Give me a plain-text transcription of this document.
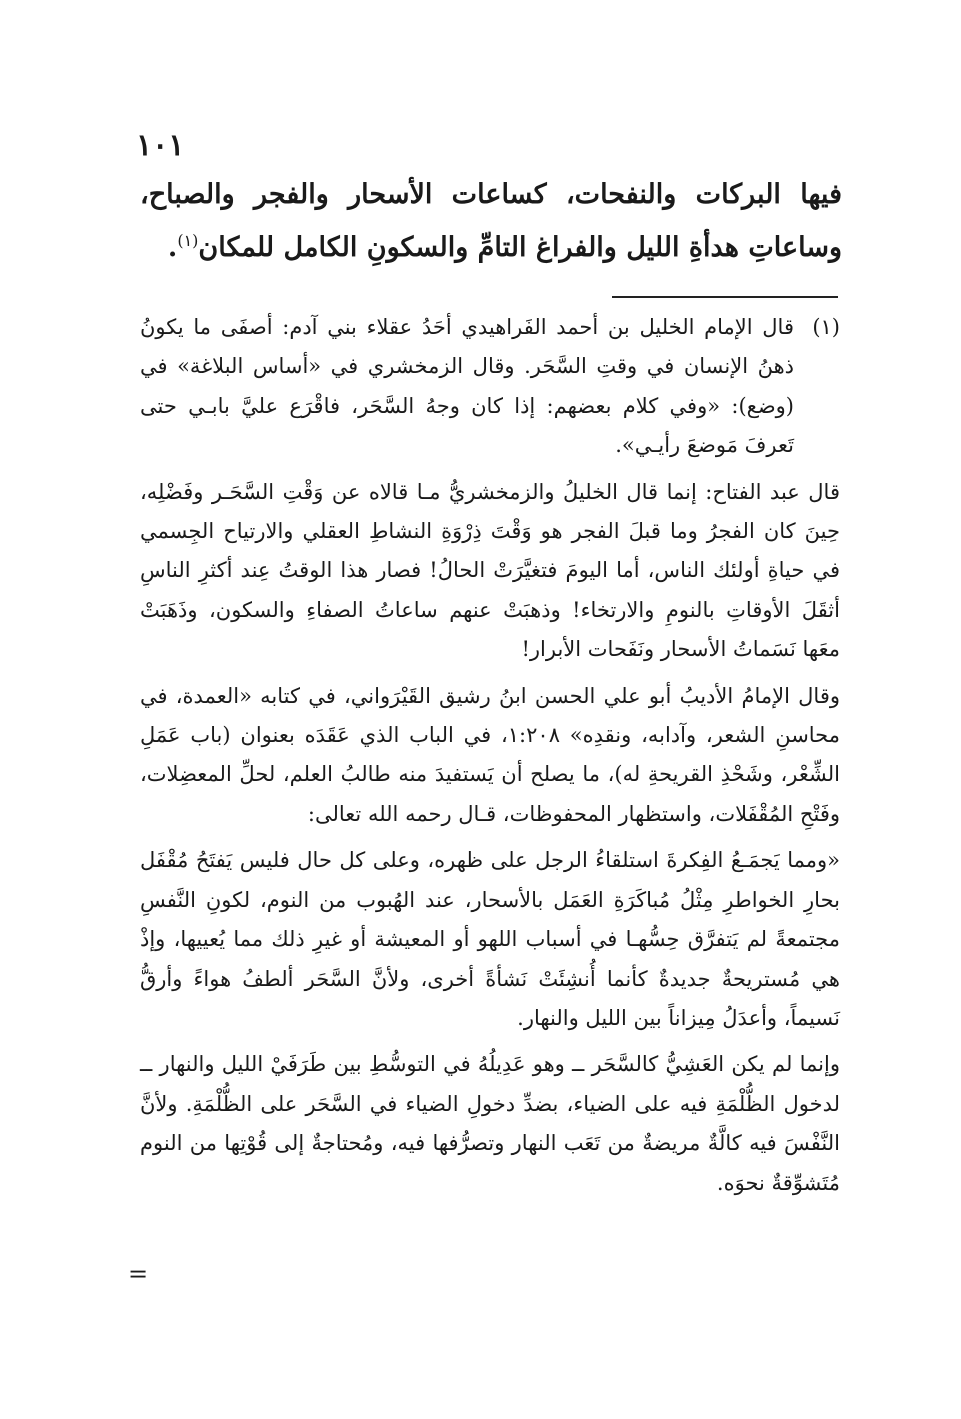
١٠١

فيها البركات والنفحات، كساعات الأسحار والفجر والصباح، وساعاتِ هدأةِ الليل والفراغ التامِّ والسكونِ الكامل للمكان$^{(١)}$.

(١)
قال الإمام الخليل بن أحمد الفَراهيدي أحَدُ عقلاء بني آدم: أصفَى ما يكونُ ذهنُ الإنسان في وقتِ السَّحَر. وقال الزمخشري في «أساس البلاغة» في (وضع): «وفي كلام بعضهم: إذا كان وجهُ السَّحَر، فاقْرَع عليَّ بابـي حتى تَعرفَ مَوضعَ رأيـي».

قال عبد الفتاح: إنما قال الخليلُ والزمخشريُّ مـا قالاه عن وَقْتِ السَّحَـر وفَضْلِه، حِينَ كان الفجرُ وما قبلَ الفجر هو وَقْتَ ذِرْوَةِ النشاطِ العقلي والارتياح الجِسمي في حياةِ أولئك الناس، أما اليومَ فتغيَّرَتْ الحالُ! فصار هذا الوقتُ عِند أكثرِ الناسِ أثقَلَ الأوقاتِ بالنومِ والارتخاء! وذهبَتْ عنهم ساعاتُ الصفاءِ والسكون، وذَهَبَتْ معَها نَسَماتُ الأسحار ونَفَحات الأبرار!

وقال الإمامُ الأديبُ أبو علي الحسن ابنُ رشيق القَيْرَواني، في كتابه «العمدة، في محاسنِ الشعر، وآدابه، ونقدِه» ١:٢٠٨، في الباب الذي عَقَدَه بعنوان (باب عَمَلِ الشِّعْر، وشَحْذِ القريحةِ له)، ما يصلح أن يَستفيدَ منه طالبُ العلم، لحلِّ المعضِلات، وفَتْحِ المُقْفَلات، واستظهار المحفوظات، قـال رحمه الله تعالى:

«ومما يَجمَـعُ الفِكرةَ استلقاءُ الرجل على ظهره، وعلى كل حال فليس يَفتَحُ مُقْفَل بحارِ الخواطرِ مِثْلُ مُباكَرَةِ العَمَل بالأسحار، عند الهُبوب من النوم، لكونِ النَّفسِ مجتمعةً لم يَتفرَّق حِسُّهـا في أسباب اللهو أو المعيشة أو غيرِ ذلك مما يُعييها، وإذْ هي مُستريحةٌ جديدةٌ كأنما أُنشِئَتْ نَشأةً أخرى، ولأنَّ السَّحَر ألطفُ هواءً وأرقُّ نَسيماً، وأعدَلُ مِيزاناً بين الليل والنهار.

وإنما لم يكن العَشِيُّ كالسَّحَر ــ وهو عَدِيلُهُ في التوسُّطِ بين طَرَفَيْ الليل والنهار ــ لدخول الظُّلْمَةِ فيه على الضياء، بضدِّ دخولِ الضياء في السَّحَر على الظُّلْمَةِ. ولأنَّ النَّفْسَ فيه كالَّةٌ مريضةٌ من تَعَب النهار وتصرُّفها فيه، ومُحتاجةٌ إلى قُوْتِها من النوم مُتَشوِّقةٌ نحوَه.

=
